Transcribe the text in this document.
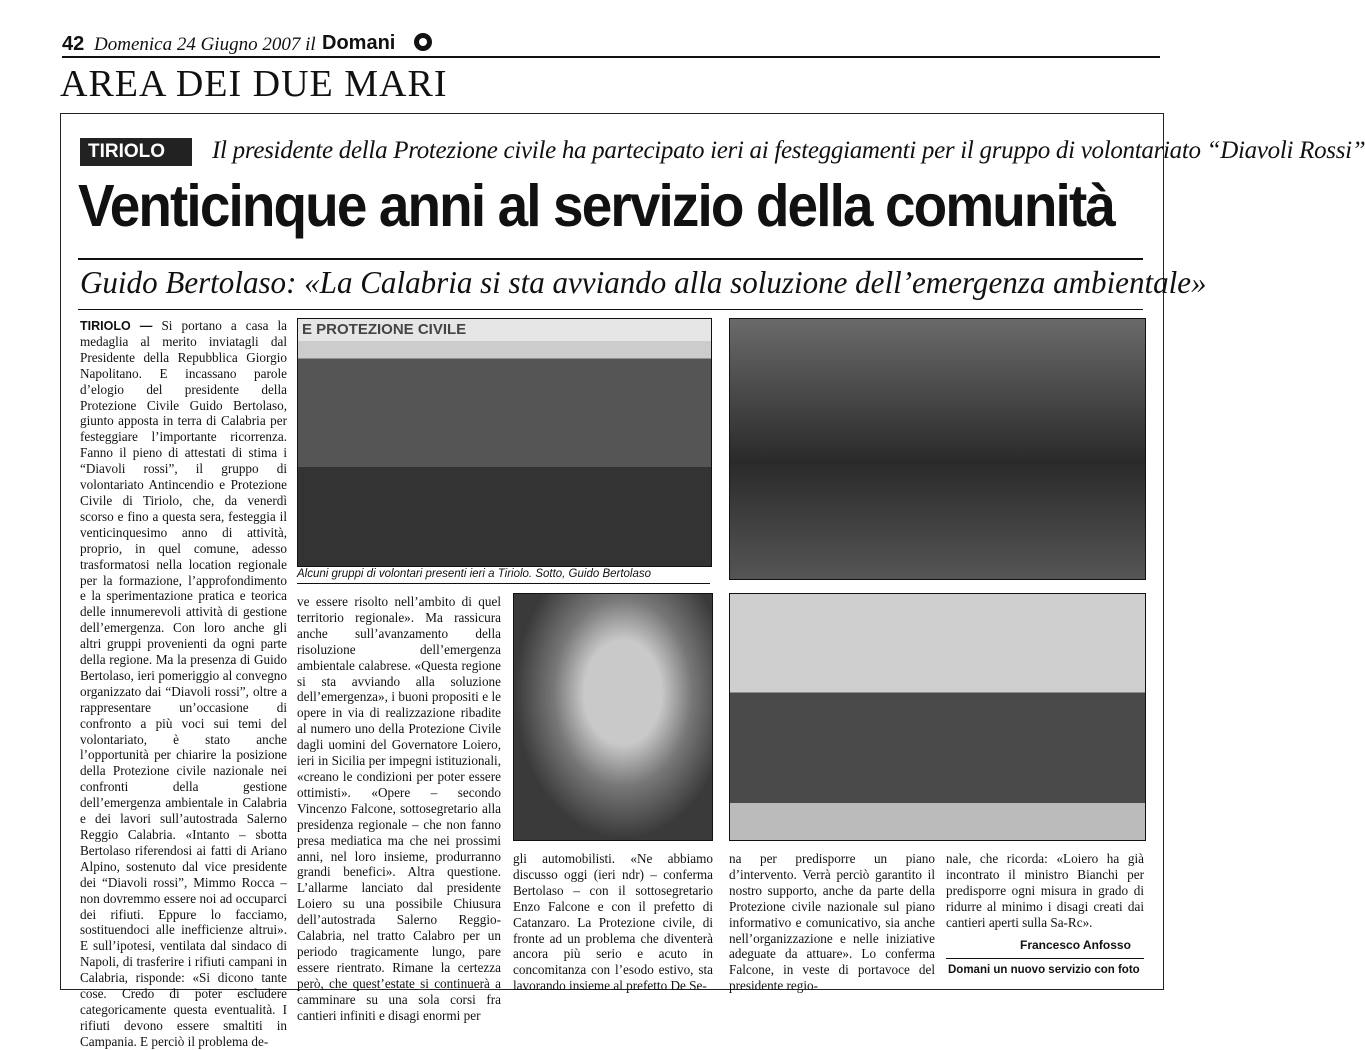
42 Domenica 24 Giugno 2007 il Domani
AREA DEI DUE MARI
TIRIOLO	Il presidente della Protezione civile ha partecipato ieri ai festeggiamenti per il gruppo di volontariato “Diavoli Rossi”
Venticinque anni al servizio della comunità
Guido Bertolaso: «La Calabria si sta avviando alla soluzione dell’emergenza ambientale»

TIRIOLO — Si portano a casa la medaglia al merito inviatagli dal Presidente della Repubblica Giorgio Napolitano. E incassano parole d’elogio del presidente della Protezione Civile Guido Bertolaso, giunto apposta in terra di Calabria per festeggiare l’importante ricorrenza. Fanno il pieno di attestati di stima i “Diavoli rossi”, il gruppo di volontariato Antincendio e Protezione Civile di Tiriolo, che, da venerdì scorso e fino a questa sera, festeggia il venticinquesimo anno di attività, proprio, in quel comune, adesso trasformatosi nella location regionale per la formazione, l’approfondimento e la sperimentazione pratica e teorica delle innumerevoli attività di gestione dell’emergenza. Con loro anche gli altri gruppi provenienti da ogni parte della regione. Ma la presenza di Guido Bertolaso, ieri pomeriggio al convegno organizzato dai “Diavoli rossi”, oltre a rappresentare un’occasione di confronto a più voci sui temi del volontariato, è stato anche l’opportunità per chiarire la posizione della Protezione civile nazionale nei confronti della gestione dell’emergenza ambientale in Calabria e dei lavori sull’autostrada Salerno Reggio Calabria. «Intanto – sbotta Bertolaso riferendosi ai fatti di Ariano Alpino, sostenuto dal vice presidente dei “Diavoli rossi”, Mimmo Rocca – non dovremmo essere noi ad occuparci dei rifiuti. Eppure lo facciamo, sostituendoci alle inefficienze altrui». E sull’ipotesi, ventilata dal sindaco di Napoli, di trasferire i rifiuti campani in Calabria, risponde: «Si dicono tante cose. Credo di poter escludere categoricamente questa eventualità. I rifiuti devono essere smaltiti in Campania. E perciò il problema de-

E PROTEZIONE CIVILE
Alcuni gruppi di volontari presenti ieri a Tiriolo. Sotto, Guido Bertolaso

ve essere risolto nell’ambito di quel territorio regionale». Ma rassicura anche sull’avanzamento della risoluzione dell’emergenza ambientale calabrese. «Questa regione si sta avviando alla soluzione dell’emergenza», i buoni propositi e le opere in via di realizzazione ribadite al numero uno della Protezione Civile dagli uomini del Governatore Loiero, ieri in Sicilia per impegni istituzionali, «creano le condizioni per poter essere ottimisti». «Opere – secondo Vincenzo Falcone, sottosegretario alla presidenza regionale – che non fanno presa mediatica ma che nei prossimi anni, nel loro insieme, produrranno grandi benefici». Altra questione. L’allarme lanciato dal presidente Loiero su una possibile Chiusura dell’autostrada Salerno Reggio-Calabria, nel tratto Calabro per un periodo tragicamente lungo, pare essere rientrato. Rimane la certezza però, che quest’estate si continuerà a camminare su una sola corsi fra cantieri infiniti e disagi enormi per

gli automobilisti. «Ne abbiamo discusso oggi (ieri ndr) – conferma Bertolaso – con il sottosegretario Enzo Falcone e con il prefetto di Catanzaro. La Protezione civile, di fronte ad un problema che diventerà ancora più serio e acuto in concomitanza con l’esodo estivo, sta lavorando insieme al prefetto De Se-

na per predisporre un piano d’intervento. Verrà perciò garantito il nostro supporto, anche da parte della Protezione civile nazionale sul piano informativo e comunicativo, sia anche nell’organizzazione e nelle iniziative adeguate da attuare». Lo conferma Falcone, in veste di portavoce del presidente regio-

nale, che ricorda: «Loiero ha già incontrato il ministro Bianchi per predisporre ogni misura in grado di ridurre al minimo i disagi creati dai cantieri aperti sulla Sa-Rc».

Francesco Anfosso
Domani un nuovo servizio con foto
